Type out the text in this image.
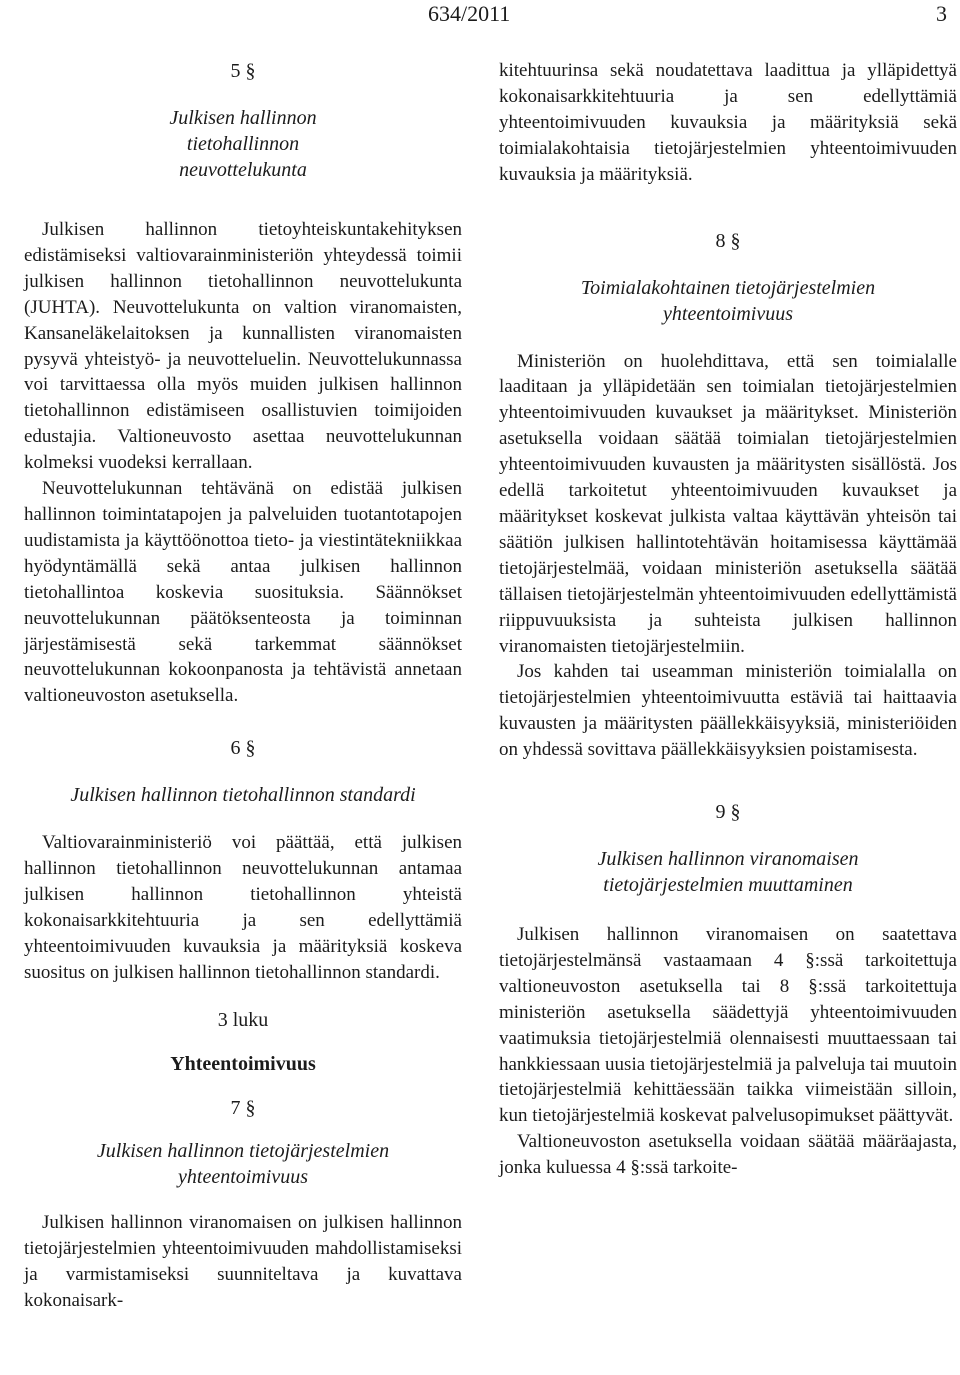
634/2011	3

5 §

Julkisen hallinnon tietohallinnon neuvottelukunta

Julkisen hallinnon tietoyhteiskuntakehityksen edistämiseksi valtiovarainministeriön yhteydessä toimii julkisen hallinnon tietohallinnon neuvottelukunta (JUHTA). Neuvottelukunta on valtion viranomaisten, Kansaneläkelaitoksen ja kunnallisten viranomaisten pysyvä yhteistyö- ja neuvotteluelin. Neuvottelukunnassa voi tarvittaessa olla myös muiden julkisen hallinnon tietohallinnon edistämiseen osallistuvien toimijoiden edustajia. Valtioneuvosto asettaa neuvottelukunnan kolmeksi vuodeksi kerrallaan.

Neuvottelukunnan tehtävänä on edistää julkisen hallinnon toimintatapojen ja palveluiden tuotantotapojen uudistamista ja käyttöönottoa tieto- ja viestintätekniikkaa hyödyntämällä sekä antaa julkisen hallinnon tietohallintoa koskevia suosituksia. Säännökset neuvottelukunnan päätöksenteosta ja toiminnan järjestämisestä sekä tarkemmat säännökset neuvottelukunnan kokoonpanosta ja tehtävistä annetaan valtioneuvoston asetuksella.

6 §

Julkisen hallinnon tietohallinnon standardi

Valtiovarainministeriö voi päättää, että julkisen hallinnon tietohallinnon neuvottelukunnan antamaa julkisen hallinnon tietohallinnon yhteistä kokonaisarkkitehtuuria ja sen edellyttämiä yhteentoimivuuden kuvauksia ja määrityksiä koskeva suositus on julkisen hallinnon tietohallinnon standardi.

3 luku

Yhteentoimivuus

7 §

Julkisen hallinnon tietojärjestelmien yhteentoimivuus

Julkisen hallinnon viranomaisen on julkisen hallinnon tietojärjestelmien yhteentoimivuuden mahdollistamiseksi ja varmistamiseksi suunniteltava ja kuvattava kokonaisark-

kitehtuurinsa sekä noudatettava laadittua ja ylläpidettyä kokonaisarkkitehtuuria ja sen edellyttämiä yhteentoimivuuden kuvauksia ja määrityksiä sekä toimialakohtaisia tietojärjestelmien yhteentoimivuuden kuvauksia ja määrityksiä.

8 §

Toimialakohtainen tietojärjestelmien yhteentoimivuus

Ministeriön on huolehdittava, että sen toimialalle laaditaan ja ylläpidetään sen toimialan tietojärjestelmien yhteentoimivuuden kuvaukset ja määritykset. Ministeriön asetuksella voidaan säätää toimialan tietojärjestelmien yhteentoimivuuden kuvausten ja määritysten sisällöstä. Jos edellä tarkoitetut yhteentoimivuuden kuvaukset ja määritykset koskevat julkista valtaa käyttävän yhteisön tai säätiön julkisen hallintotehtävän hoitamisessa käyttämää tietojärjestelmää, voidaan ministeriön asetuksella säätää tällaisen tietojärjestelmän yhteentoimivuuden edellyttämistä riippuvuuksista ja suhteista julkisen hallinnon viranomaisten tietojärjestelmiin.

Jos kahden tai useamman ministeriön toimialalla on tietojärjestelmien yhteentoimivuutta estäviä tai haittaavia kuvausten ja määritysten päällekkäisyyksiä, ministeriöiden on yhdessä sovittava päällekkäisyyksien poistamisesta.

9 §

Julkisen hallinnon viranomaisen tietojärjestelmien muuttaminen

Julkisen hallinnon viranomaisen on saatettava tietojärjestelmänsä vastaamaan 4 §:ssä tarkoitettuja valtioneuvoston asetuksella tai 8 §:ssä tarkoitettuja ministeriön asetuksella säädettyjä yhteentoimivuuden vaatimuksia tietojärjestelmiä olennaisesti muuttaessaan tai hankkiessaan uusia tietojärjestelmiä ja palveluja tai muutoin tietojärjestelmiä kehittäessään taikka viimeistään silloin, kun tietojärjestelmiä koskevat palvelusopimukset päättyvät.

Valtioneuvoston asetuksella voidaan säätää määräajasta, jonka kuluessa 4 §:ssä tarkoite-
